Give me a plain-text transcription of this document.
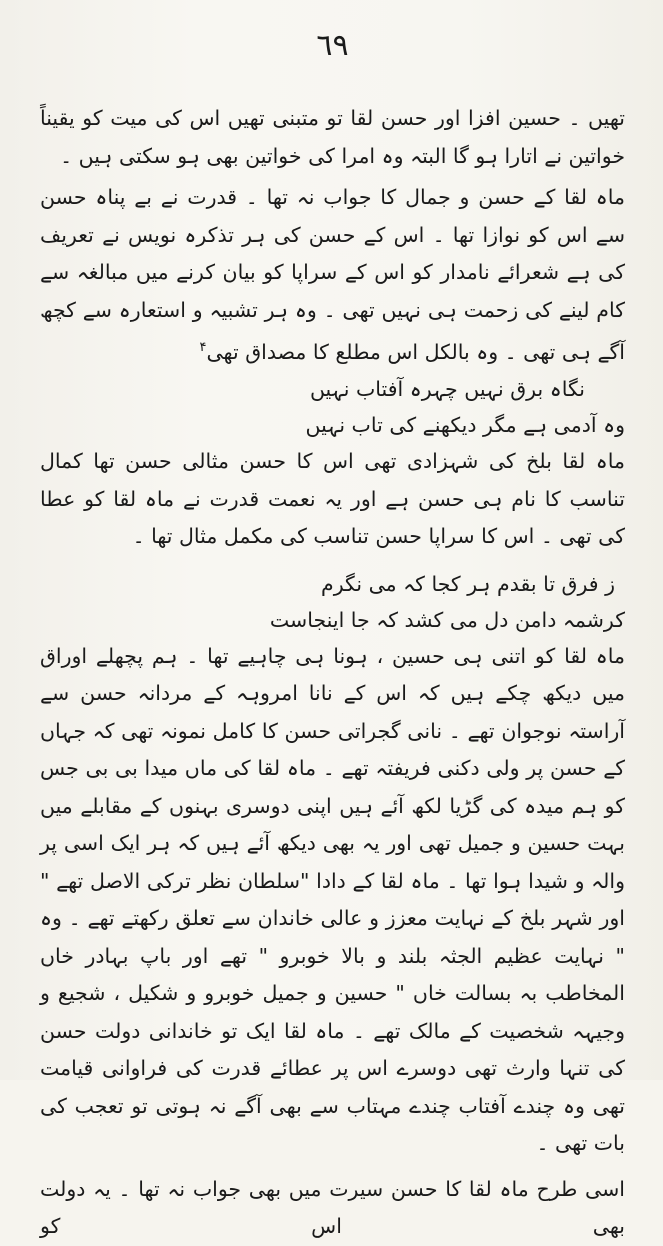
٦٩

تھیں ۔ حسین افزا اور حسن لقا تو متبنی تھیں اس کی میت کو یقیناً خواتین نے اتارا ہو گا البتہ وہ امرا کی خواتین بھی ہو سکتی ہیں ۔

ماہ لقا کے حسن و جمال کا جواب نہ تھا ۔ قدرت نے بے پناہ حسن سے اس کو نوازا تھا ۔ اس کے حسن کی ہر تذکرہ نویس نے تعریف کی ہے شعرائے نامدار کو اس کے سراپا کو بیان کرنے میں مبالغہ سے کام لینے کی زحمت ہی نہیں تھی ۔ وہ ہر تشبیہ و استعارہ سے کچھ آگے ہی تھی ۔ وہ بالکل اس مطلع کا مصداق تھی$^۴$

نگاہ برق نہیں چہرہ آفتاب نہیں

وہ آدمی ہے مگر دیکھنے کی تاب نہیں

ماہ لقا بلخ کی شہزادی تھی اس کا حسن مثالی حسن تھا کمال تناسب کا نام ہی حسن ہے اور یہ نعمت قدرت نے ماہ لقا کو عطا کی تھی ۔ اس کا سراپا حسن تناسب کی مکمل مثال تھا ۔

ز فرق تا بقدم ہر کجا کہ می نگرم

کرشمہ دامن دل می کشد کہ جا اینجاست

ماہ لقا کو اتنی ہی حسین ، ہونا ہی چاہیے تھا ۔ ہم پچھلے اوراق میں دیکھ چکے ہیں کہ اس کے نانا امروہہ کے مردانہ حسن سے آراستہ نوجوان تھے ۔ نانی گجراتی حسن کا کامل نمونہ تھی کہ جہاں کے حسن پر ولی دکنی فریفتہ تھے ۔ ماہ لقا کی ماں میدا بی بی جس کو ہم میدہ کی گڑیا لکھ آئے ہیں اپنی دوسری بہنوں کے مقابلے میں بہت حسین و جمیل تھی اور یہ بھی دیکھ آئے ہیں کہ ہر ایک اسی پر والہ و شیدا ہوا تھا ۔ ماہ لقا کے دادا "سلطان نظر ترکی الاصل تھے " اور شہر بلخ کے نہایت معزز و عالی خاندان سے تعلق رکھتے تھے ۔ وہ " نہایت عظیم الجثہ بلند و بالا خوبرو " تھے اور باپ بہادر خاں المخاطب بہ بسالت خاں " حسین و جمیل خوبرو و شکیل ، شجیع و وجیہہ شخصیت کے مالک تھے ۔ ماہ لقا ایک تو خاندانی دولت حسن کی تنہا وارث تھی دوسرے اس پر عطائے قدرت کی فراوانی قیامت تھی وہ چندے آفتاب چندے مہتاب سے بھی آگے نہ ہوتی تو تعجب کی بات تھی ۔

اسی طرح ماہ لقا کا حسن سیرت میں بھی جواب نہ تھا ۔ یہ دولت بھی اس کو
